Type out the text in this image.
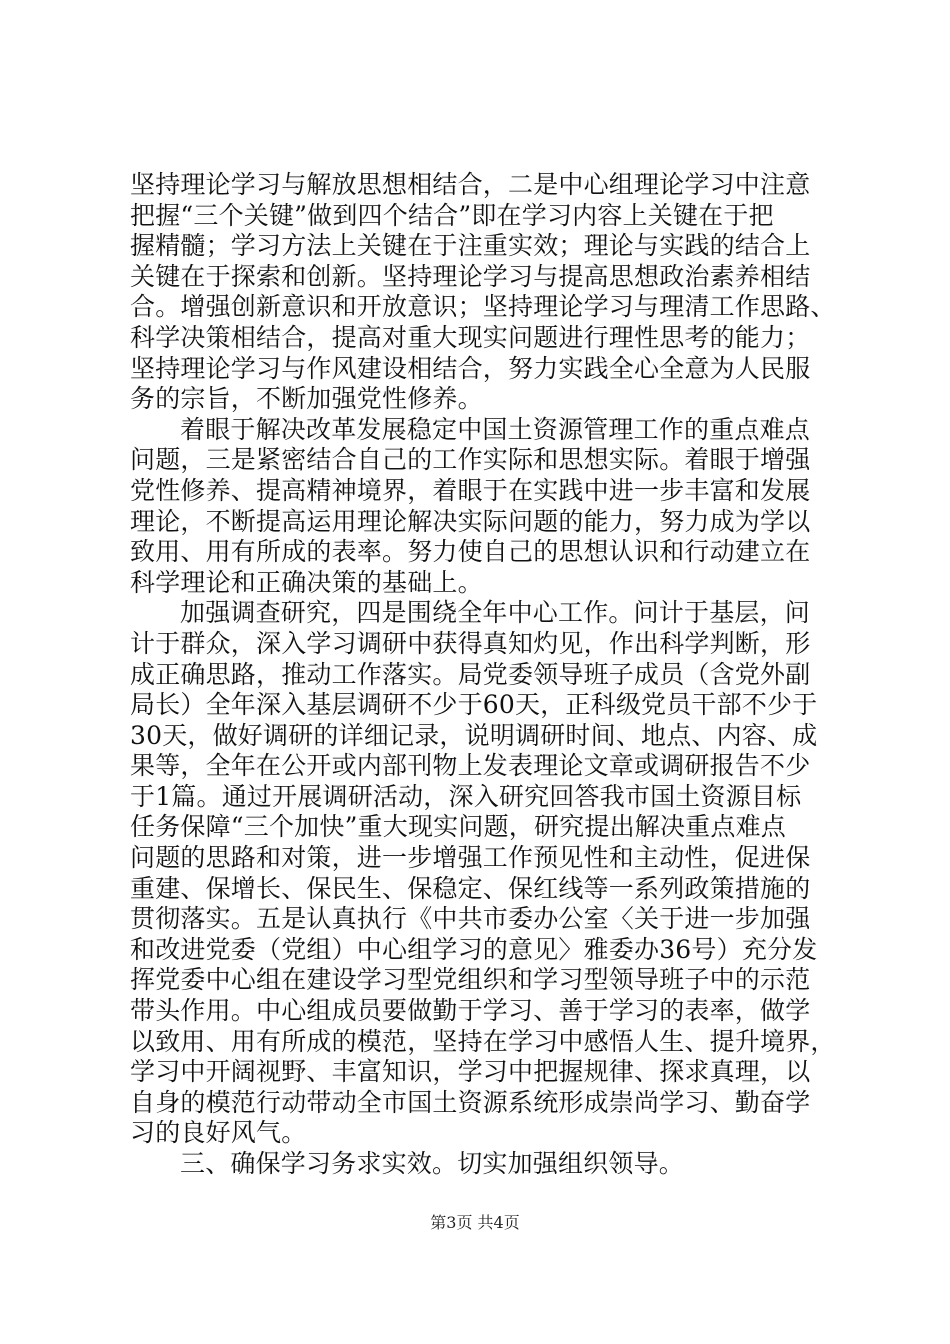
坚持理论学习与解放思想相结合，二是中心组理论学习中注意
把握“三个关键”做到四个结合”即在学习内容上关键在于把
握精髓；学习方法上关键在于注重实效；理论与实践的结合上
关键在于探索和创新。坚持理论学习与提高思想政治素养相结
合。增强创新意识和开放意识；坚持理论学习与理清工作思路、
科学决策相结合，提高对重大现实问题进行理性思考的能力；
坚持理论学习与作风建设相结合，努力实践全心全意为人民服
务的宗旨，不断加强党性修养。
着眼于解决改革发展稳定中国土资源管理工作的重点难点
问题，三是紧密结合自己的工作实际和思想实际。着眼于增强
党性修养、提高精神境界，着眼于在实践中进一步丰富和发展
理论，不断提高运用理论解决实际问题的能力，努力成为学以
致用、用有所成的表率。努力使自己的思想认识和行动建立在
科学理论和正确决策的基础上。
加强调查研究，四是围绕全年中心工作。问计于基层，问
计于群众，深入学习调研中获得真知灼见，作出科学判断，形
成正确思路，推动工作落实。局党委领导班子成员（含党外副
局长）全年深入基层调研不少于60天，正科级党员干部不少于
30天，做好调研的详细记录，说明调研时间、地点、内容、成
果等，全年在公开或内部刊物上发表理论文章或调研报告不少
于1篇。通过开展调研活动，深入研究回答我市国土资源目标
任务保障“三个加快”重大现实问题，研究提出解决重点难点
问题的思路和对策，进一步增强工作预见性和主动性，促进保
重建、保增长、保民生、保稳定、保红线等一系列政策措施的
贯彻落实。五是认真执行《中共市委办公室〈关于进一步加强
和改进党委（党组）中心组学习的意见〉雅委办36号）充分发
挥党委中心组在建设学习型党组织和学习型领导班子中的示范
带头作用。中心组成员要做勤于学习、善于学习的表率，做学
以致用、用有所成的模范，坚持在学习中感悟人生、提升境界，
学习中开阔视野、丰富知识，学习中把握规律、探求真理，以
自身的模范行动带动全市国土资源系统形成崇尚学习、勤奋学
习的良好风气。
三、确保学习务求实效。切实加强组织领导。
第3页 共4页
